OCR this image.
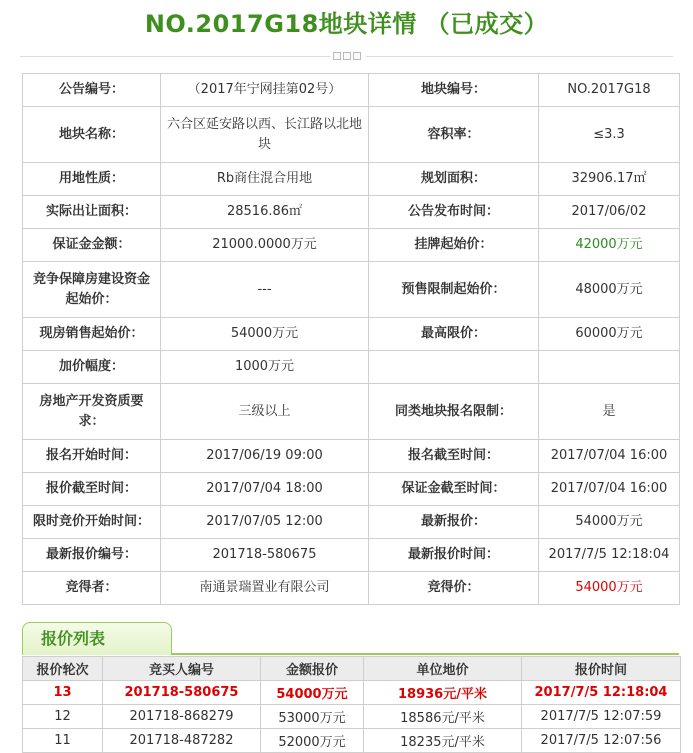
NO.2017G18地块详情 （已成交）
公告编号：	（2017年宁网挂第02号）	地块编号：	NO.2017G18
地块名称：	六合区延安路以西、长江路以北地块	容积率：	≤3.3
用地性质：	Rb商住混合用地	规划面积：	32906.17㎡
实际出让面积：	28516.86㎡	公告发布时间：	2017/06/02
保证金金额：	21000.0000万元	挂牌起始价：	42000万元
竞争保障房建设资金起始价：	---	预售限制起始价：	48000万元
现房销售起始价：	54000万元	最高限价：	60000万元
加价幅度：	1000万元		
房地产开发资质要求：	三级以上	同类地块报名限制：	是
报名开始时间：	2017/06/19 09:00	报名截至时间：	2017/07/04 16:00
报价截至时间：	2017/07/04 18:00	保证金截至时间：	2017/07/04 16:00
限时竞价开始时间：	2017/07/05 12:00	最新报价：	54000万元
最新报价编号：	201718-580675	最新报价时间：	2017/7/5 12:18:04
竞得者：	南通景瑞置业有限公司	竞得价：	54000万元
报价列表
报价轮次	竞买人编号	金额报价	单位地价	报价时间
13	201718-580675	54000万元	18936元/平米	2017/7/5 12:18:04
12	201718-868279	53000万元	18586元/平米	2017/7/5 12:07:59
11	201718-487282	52000万元	18235元/平米	2017/7/5 12:07:56
